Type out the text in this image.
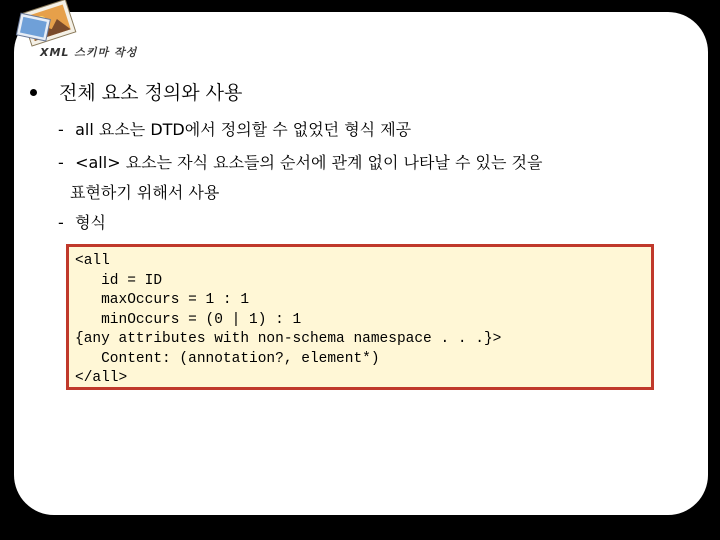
XML 스키마 작성
전체 요소 정의와 사용
- all 요소는 DTD에서 정의할 수 없었던 형식 제공
- <all> 요소는 자식 요소들의 순서에 관계 없이 나타날 수 있는 것을
표현하기 위해서 사용
- 형식
<all
id = ID
maxOccurs = 1 : 1
minOccurs = (0 | 1) : 1
{any attributes with non-schema namespace . . .}>
Content: (annotation?, element*)
</all>
